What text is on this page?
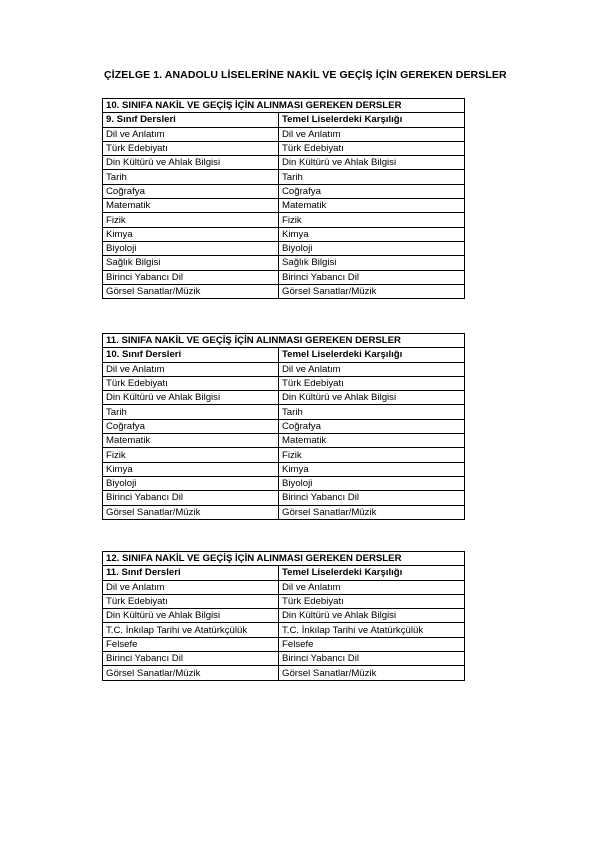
ÇİZELGE 1. ANADOLU LİSELERİNE NAKİL VE GEÇİŞ İÇİN GEREKEN DERSLER
10. SINIFA NAKİL VE GEÇİŞ İÇİN ALINMASI GEREKEN DERSLER	
9. Sınıf Dersleri	Temel Liselerdeki Karşılığı
Dil ve Anlatım	Dil ve Anlatım
Türk Edebiyatı	Türk Edebiyatı
Din Kültürü ve Ahlak Bilgisi	Din Kültürü ve Ahlak Bilgisi
Tarih	Tarih
Coğrafya	Coğrafya
Matematik	Matematik
Fizik	Fizik
Kimya	Kimya
Biyoloji	Biyoloji
Sağlık Bilgisi	Sağlık Bilgisi
Birinci Yabancı Dil	Birinci Yabancı Dil
Görsel Sanatlar/Müzik	Görsel Sanatlar/Müzik
11. SINIFA NAKİL VE GEÇİŞ İÇİN ALINMASI GEREKEN DERSLER	
10. Sınıf Dersleri	Temel Liselerdeki Karşılığı
Dil ve Anlatım	Dil ve Anlatım
Türk Edebiyatı	Türk Edebiyatı
Din Kültürü ve Ahlak Bilgisi	Din Kültürü ve Ahlak Bilgisi
Tarih	Tarih
Coğrafya	Coğrafya
Matematik	Matematik
Fizik	Fizik
Kimya	Kimya
Biyoloji	Biyoloji
Birinci Yabancı Dil	Birinci Yabancı Dil
Görsel Sanatlar/Müzik	Görsel Sanatlar/Müzik
12. SINIFA NAKİL VE GEÇİŞ İÇİN ALINMASI GEREKEN DERSLER	
11. Sınıf Dersleri	Temel Liselerdeki Karşılığı
Dil ve Anlatım	Dil ve Anlatım
Türk Edebiyatı	Türk Edebiyatı
Din Kültürü ve Ahlak Bilgisi	Din Kültürü ve Ahlak Bilgisi
T.C. İnkılap Tarihi ve Atatürkçülük	T.C. İnkılap Tarihi ve Atatürkçülük
Felsefe	Felsefe
Birinci Yabancı Dil	Birinci Yabancı Dil
Görsel Sanatlar/Müzik	Görsel Sanatlar/Müzik
